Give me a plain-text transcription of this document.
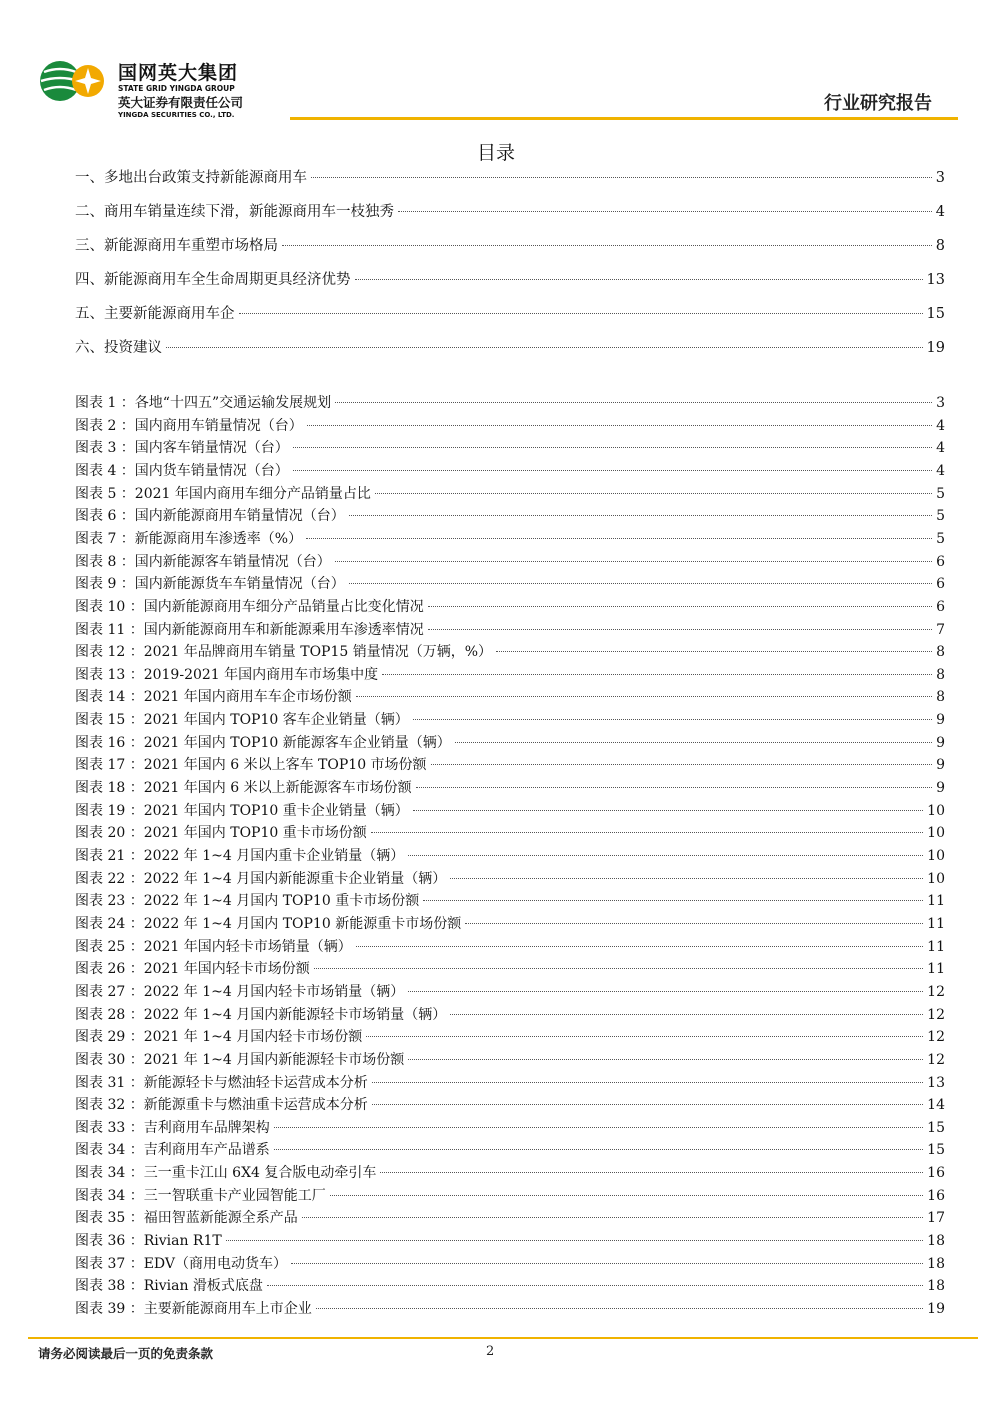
国网英大集团
STATE GRID YINGDA GROUP
英大证券有限责任公司
YINGDA SECURITIES CO., LTD.
行业研究报告
目录
一、多地出台政策支持新能源商用车	3
二、商用车销量连续下滑，新能源商用车一枝独秀	4
三、新能源商用车重塑市场格局	8
四、新能源商用车全生命周期更具经济优势	13
五、主要新能源商用车企	15
六、投资建议	19
图表 1 ：各地“十四五”交通运输发展规划	3
图表 2 ：国内商用车销量情况（台）	4
图表 3 ：国内客车销量情况（台）	4
图表 4 ：国内货车销量情况（台）	4
图表 5 ：2021 年国内商用车细分产品销量占比	5
图表 6 ：国内新能源商用车销量情况（台）	5
图表 7 ：新能源商用车渗透率（%）	5
图表 8 ：国内新能源客车销量情况（台）	6
图表 9 ：国内新能源货车车销量情况（台）	6
图表 10 ：国内新能源商用车细分产品销量占比变化情况	6
图表 11 ：国内新能源商用车和新能源乘用车渗透率情况	7
图表 12 ：2021 年品牌商用车销量 TOP15 销量情况（万辆，%）	8
图表 13 ：2019-2021 年国内商用车市场集中度	8
图表 14 ：2021 年国内商用车车企市场份额	8
图表 15 ：2021 年国内 TOP10 客车企业销量（辆）	9
图表 16 ：2021 年国内 TOP10 新能源客车企业销量（辆）	9
图表 17 ：2021 年国内 6 米以上客车 TOP10 市场份额	9
图表 18 ：2021 年国内 6 米以上新能源客车市场份额	9
图表 19 ：2021 年国内 TOP10 重卡企业销量（辆）	10
图表 20 ：2021 年国内 TOP10 重卡市场份额	10
图表 21 ：2022 年 1~4 月国内重卡企业销量（辆）	10
图表 22 ：2022 年 1~4 月国内新能源重卡企业销量（辆）	10
图表 23 ：2022 年 1~4 月国内 TOP10 重卡市场份额	11
图表 24 ：2022 年 1~4 月国内 TOP10 新能源重卡市场份额	11
图表 25 ：2021 年国内轻卡市场销量（辆）	11
图表 26 ：2021 年国内轻卡市场份额	11
图表 27 ：2022 年 1~4 月国内轻卡市场销量（辆）	12
图表 28 ：2022 年 1~4 月国内新能源轻卡市场销量（辆）	12
图表 29 ：2021 年 1~4 月国内轻卡市场份额	12
图表 30 ：2021 年 1~4 月国内新能源轻卡市场份额	12
图表 31 ：新能源轻卡与燃油轻卡运营成本分析	13
图表 32 ：新能源重卡与燃油重卡运营成本分析	14
图表 33 ：吉利商用车品牌架构	15
图表 34 ：吉利商用车产品谱系	15
图表 34 ：三一重卡江山 6X4 复合版电动牵引车	16
图表 34 ：三一智联重卡产业园智能工厂	16
图表 35 ：福田智蓝新能源全系产品	17
图表 36 ：Rivian R1T	18
图表 37 ：EDV（商用电动货车）	18
图表 38 ：Rivian 滑板式底盘	18
图表 39 ：主要新能源商用车上市企业	19
请务必阅读最后一页的免责条款	2
